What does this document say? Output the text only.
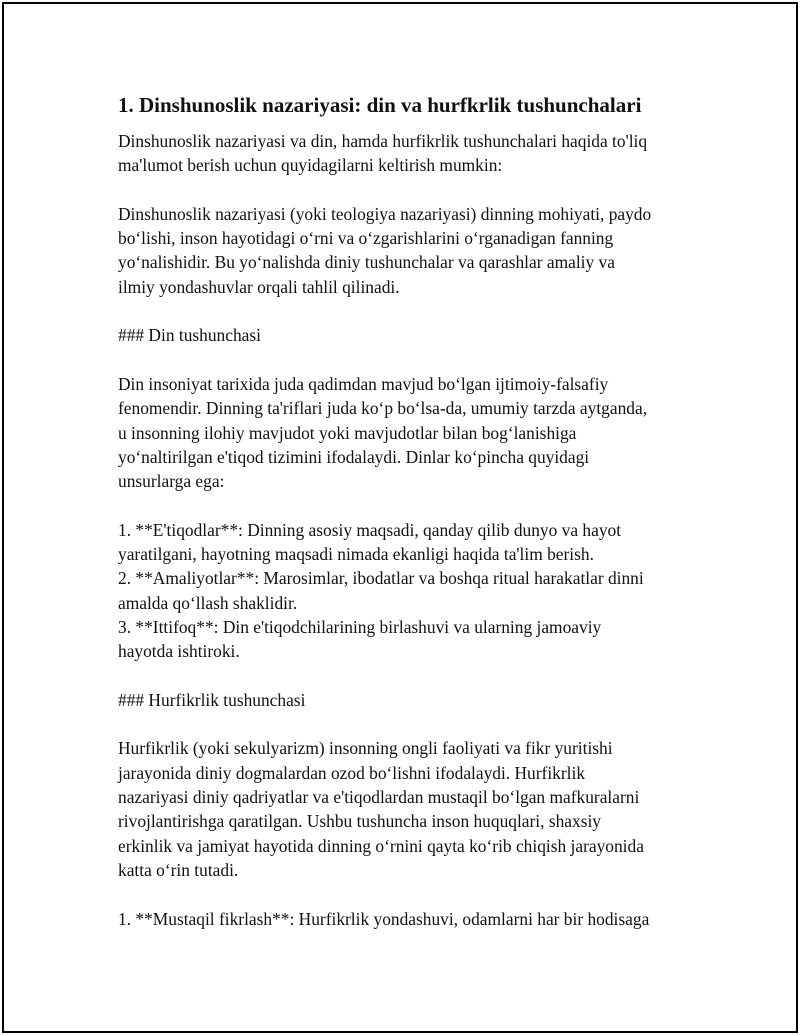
1. Dinshunoslik nazariyasi: din va hurfkrlik tushunchalari

Dinshunoslik nazariyasi va din, hamda hurfikrlik tushunchalari haqida to'liq

ma'lumot berish uchun quyidagilarni keltirish mumkin:

Dinshunoslik nazariyasi (yoki teologiya nazariyasi) dinning mohiyati, paydo

bo‘lishi, inson hayotidagi o‘rni va o‘zgarishlarini o‘rganadigan fanning

yo‘nalishidir. Bu yo‘nalishda diniy tushunchalar va qarashlar amaliy va

ilmiy yondashuvlar orqali tahlil qilinadi.

### Din tushunchasi

Din insoniyat tarixida juda qadimdan mavjud bo‘lgan ijtimoiy-falsafiy

fenomendir. Dinning ta'riflari juda ko‘p bo‘lsa-da, umumiy tarzda aytganda,

u insonning ilohiy mavjudot yoki mavjudotlar bilan bog‘lanishiga

yo‘naltirilgan e'tiqod tizimini ifodalaydi. Dinlar ko‘pincha quyidagi

unsurlarga ega:

1. **E'tiqodlar**: Dinning asosiy maqsadi, qanday qilib dunyo va hayot

yaratilgani, hayotning maqsadi nimada ekanligi haqida ta'lim berish.

2. **Amaliyotlar**: Marosimlar, ibodatlar va boshqa ritual harakatlar dinni

amalda qo‘llash shaklidir.

3. **Ittifoq**: Din e'tiqodchilarining birlashuvi va ularning jamoaviy

hayotda ishtiroki.

### Hurfikrlik tushunchasi

Hurfikrlik (yoki sekulyarizm) insonning ongli faoliyati va fikr yuritishi

jarayonida diniy dogmalardan ozod bo‘lishni ifodalaydi. Hurfikrlik

nazariyasi diniy qadriyatlar va e'tiqodlardan mustaqil bo‘lgan mafkuralarni

rivojlantirishga qaratilgan. Ushbu tushuncha inson huquqlari, shaxsiy

erkinlik va jamiyat hayotida dinning o‘rnini qayta ko‘rib chiqish jarayonida

katta o‘rin tutadi.

1. **Mustaqil fikrlash**: Hurfikrlik yondashuvi, odamlarni har bir hodisaga
